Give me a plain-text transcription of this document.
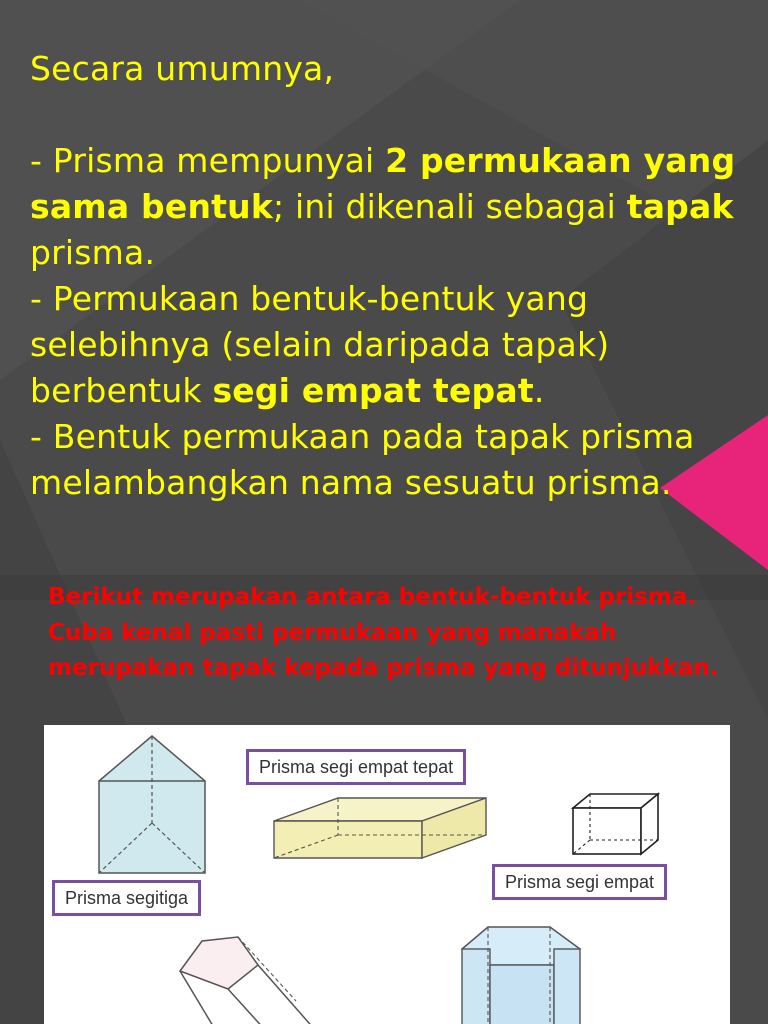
Secara umumnya,
- Prisma mempunyai 2 permukaan yang sama bentuk; ini dikenali sebagai tapak prisma.
- Permukaan bentuk-bentuk yang selebihnya (selain daripada tapak) berbentuk segi empat tepat.
- Bentuk permukaan pada tapak prisma melambangkan nama sesuatu prisma.
Berikut merupakan antara bentuk-bentuk prisma. Cuba kenal pasti permukaan yang manakah merupakan tapak kepada prisma yang ditunjukkan.
Prisma segi empat tepat
Prisma segi empat
Prisma segitiga
